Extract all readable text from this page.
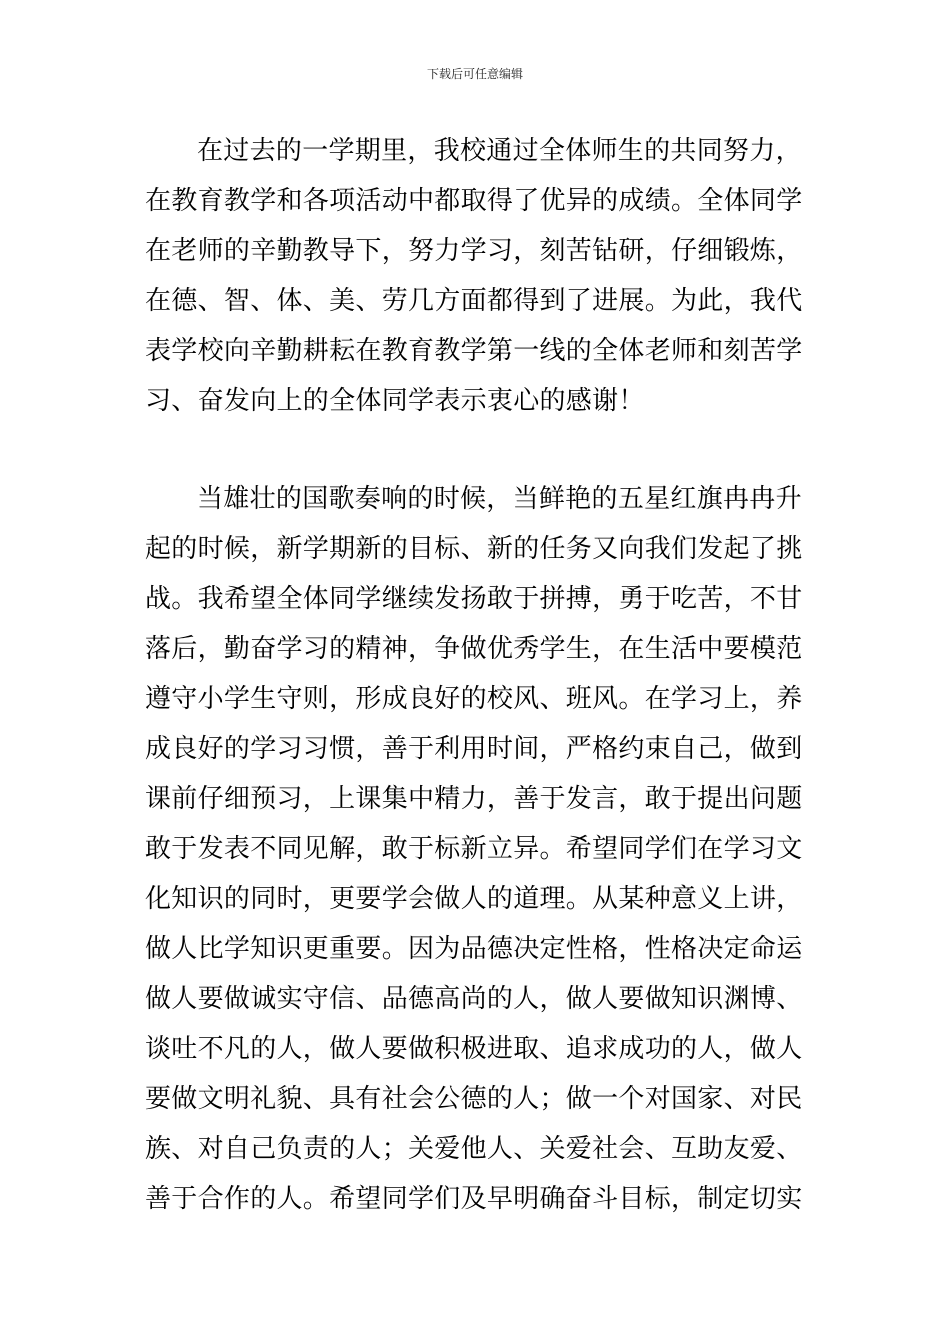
下载后可任意编辑
在过去的一学期里，我校通过全体师生的共同努力，
在教育教学和各项活动中都取得了优异的成绩。全体同学
在老师的辛勤教导下，努力学习，刻苦钻研，仔细锻炼，
在德、智、体、美、劳几方面都得到了进展。为此，我代
表学校向辛勤耕耘在教育教学第一线的全体老师和刻苦学
习、奋发向上的全体同学表示衷心的感谢！
当雄壮的国歌奏响的时候，当鲜艳的五星红旗冉冉升
起的时候，新学期新的目标、新的任务又向我们发起了挑
战。我希望全体同学继续发扬敢于拼搏，勇于吃苦，不甘
落后，勤奋学习的精神，争做优秀学生，在生活中要模范
遵守小学生守则，形成良好的校风、班风。在学习上，养
成良好的学习习惯，善于利用时间，严格约束自己，做到
课前仔细预习，上课集中精力，善于发言，敢于提出问题
敢于发表不同见解，敢于标新立异。希望同学们在学习文
化知识的同时，更要学会做人的道理。从某种意义上讲，
做人比学知识更重要。因为品德决定性格，性格决定命运
做人要做诚实守信、品德高尚的人，做人要做知识渊博、
谈吐不凡的人，做人要做积极进取、追求成功的人，做人
要做文明礼貌、具有社会公德的人；做一个对国家、对民
族、对自己负责的人；关爱他人、关爱社会、互助友爱、
善于合作的人。希望同学们及早明确奋斗目标，制定切实
